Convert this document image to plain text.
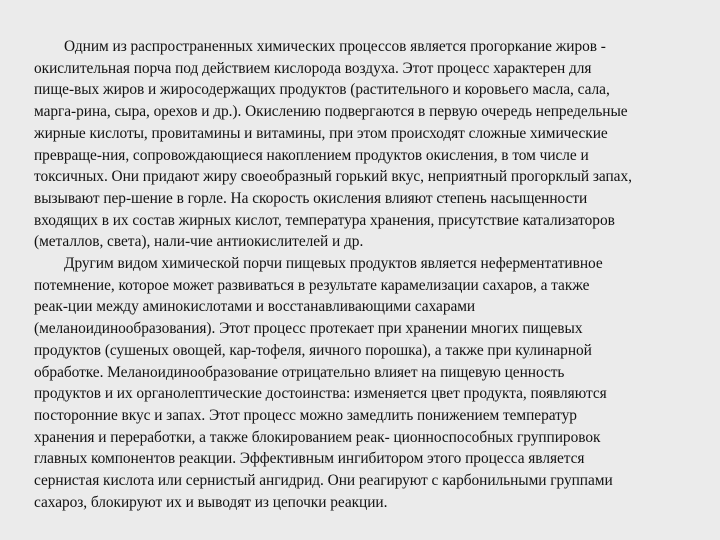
Одним из распространенных химических процессов является прогоркание жиров -
окислительная порча под действием кислорода воздуха. Этот процесс характерен для
пище-вых жиров и жиросодержащих продуктов (растительного и коровьего масла, сала,
марга-рина, сыра, орехов и др.). Окислению подвергаются в первую очередь непредельные
жирные кислоты, провитамины и витамины, при этом происходят сложные химические
превраще-ния, сопровождающиеся накоплением продуктов окисления, в том числе и
токсичных. Они придают жиру своеобразный горький вкус, неприятный прогорклый запах,
вызывают пер-шение в горле. На скорость окисления влияют степень насыщенности
входящих в их состав жирных кислот, температура хранения, присутствие катализаторов
(металлов, света), нали-чие антиокислителей и др.
Другим видом химической порчи пищевых продуктов является неферментативное
потемнение, которое может развиваться в результате карамелизации сахаров, а также
реак-ции между аминокислотами и восстанавливающими сахарами
(меланоидинообразования). Этот процесс протекает при хранении многих пищевых
продуктов (сушеных овощей, кар-тофеля, яичного порошка), а также при кулинарной
обработке. Меланоидинообразование отрицательно влияет на пищевую ценность
продуктов и их органолептические достоинства: изменяется цвет продукта, появляются
посторонние вкус и запах. Этот процесс можно замедлить понижением температур
хранения и переработки, а также блокированием реак- ционноспособных группировок
главных компонентов реакции. Эффективным ингибитором этого процесса является
сернистая кислота или сернистый ангидрид. Они реагируют с карбонильными группами
сахароз, блокируют их и выводят из цепочки реакции.
